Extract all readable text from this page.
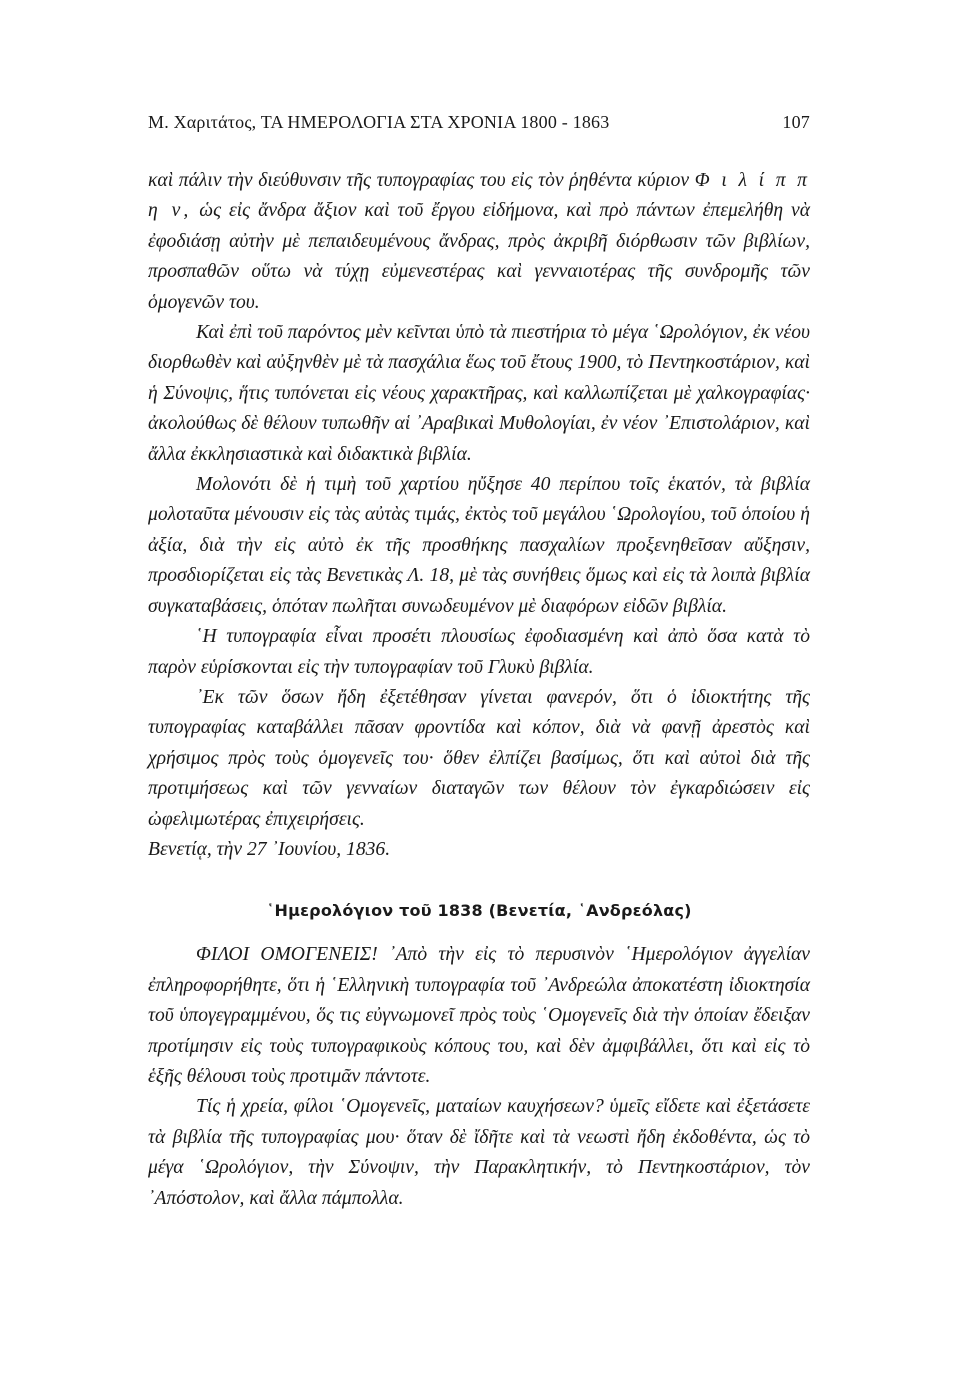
Μ. Χαριτάτος, ΤΑ ΗΜΕΡΟΛΟΓΙΑ ΣΤΑ ΧΡΟΝΙΑ 1800 - 1863	107

καὶ πάλιν τὴν διεύθυνσιν τῆς τυπογραφίας του εἰς τὸν ῥηθέντα κύριον Φ ι λ ί π π η ν, ὡς εἰς ἄνδρα ἄξιον καὶ τοῦ ἔργου εἰδήμονα, καὶ πρὸ πάντων ἐπεμελήθη νὰ ἐφοδιάσῃ αὐτὴν μὲ πεπαιδευμένους ἄνδρας, πρὸς ἀκριβῆ διόρθωσιν τῶν βιβλίων, προσπαθῶν οὕτω νὰ τύχῃ εὐμενεστέρας καὶ γενναιοτέρας τῆς συνδρομῆς τῶν ὁμογενῶν του.

Καὶ ἐπὶ τοῦ παρόντος μὲν κεῖνται ὑπὸ τὰ πιεστήρια τὸ μέγα ῾Ωρολόγιον, ἐκ νέου διορθωθὲν καὶ αὐξηνθὲν μὲ τὰ πασχάλια ἕως τοῦ ἔτους 1900, τὸ Πεντηκοστάριον, καὶ ἡ Σύνοψις, ἥτις τυπόνεται εἰς νέους χαρακτῆρας, καὶ καλλωπίζεται μὲ χαλκογραφίας· ἀκολούθως δὲ θέλουν τυπωθῆν αἱ ᾿Αραβικαὶ Μυθολογίαι, ἐν νέον ᾿Επιστολάριον, καὶ ἄλλα ἐκκλησιαστικὰ καὶ διδακτικὰ βιβλία.

Μολονότι δὲ ἡ τιμὴ τοῦ χαρτίου ηὔξησε 40 περίπου τοῖς ἑκατόν, τὰ βιβλία μολοταῦτα μένουσιν εἰς τὰς αὐτὰς τιμάς, ἐκτὸς τοῦ μεγάλου ῾Ωρολογίου, τοῦ ὁποίου ἡ ἀξία, διὰ τὴν εἰς αὐτὸ ἐκ τῆς προσθήκης πασχαλίων προξενηθεῖσαν αὔξησιν, προσδιορίζεται εἰς τὰς Βενετικὰς Λ. 18, μὲ τὰς συνήθεις ὅμως καὶ εἰς τὰ λοιπὰ βιβλία συγκαταβάσεις, ὁπόταν πωλῆται συνωδευμένον μὲ διαφόρων εἰδῶν βιβλία.

῾Η τυπογραφία εἶναι προσέτι πλουσίως ἐφοδιασμένη καὶ ἀπὸ ὅσα κατὰ τὸ παρὸν εὑρίσκονται εἰς τὴν τυπογραφίαν τοῦ Γλυκὺ βιβλία.

᾿Εκ τῶν ὅσων ἤδη ἐξετέθησαν γίνεται φανερόν, ὅτι ὁ ἰδιοκτήτης τῆς τυπογραφίας καταβάλλει πᾶσαν φροντίδα καὶ κόπον, διὰ νὰ φανῇ ἀρεστὸς καὶ χρήσιμος πρὸς τοὺς ὁμογενεῖς του· ὅθεν ἐλπίζει βασίμως, ὅτι καὶ αὐτοὶ διὰ τῆς προτιμήσεως καὶ τῶν γενναίων διαταγῶν των θέλουν τὸν ἐγκαρδιώσειν εἰς ὠφελιμωτέρας ἐπιχειρήσεις.

Βενετίᾳ, τὴν 27 ᾿Ιουνίου, 1836.

῾Ημερολόγιον τοῦ 1838 (Βενετία, ῾Ανδρεόλας)

ΦΙΛΟΙ ΟΜΟΓΕΝΕΙΣ! ᾿Απὸ τὴν εἰς τὸ περυσινὸν ῾Ημερολόγιον ἀγγελίαν ἐπληροφορήθητε, ὅτι ἡ ῾Ελληνικὴ τυπογραφία τοῦ ᾿Ανδρεώλα ἀποκατέστη ἰδιοκτησία τοῦ ὑπογεγραμμένου, ὅς τις εὐγνωμονεῖ πρὸς τοὺς ῾Ομογενεῖς διὰ τὴν ὁποίαν ἔδειξαν προτίμησιν εἰς τοὺς τυπογραφικοὺς κόπους του, καὶ δὲν ἀμφιβάλλει, ὅτι καὶ εἰς τὸ ἑξῆς θέλουσι τοὺς προτιμᾶν πάντοτε.

Τίς ἡ χρεία, φίλοι ῾Ομογενεῖς, ματαίων καυχήσεων? ὑμεῖς εἴδετε καὶ ἐξετάσετε τὰ βιβλία τῆς τυπογραφίας μου· ὅταν δὲ ἴδῆτε καὶ τὰ νεωστὶ ἤδη ἐκδοθέντα, ὡς τὸ μέγα ῾Ωρολόγιον, τὴν Σύνοψιν, τὴν Παρακλητικήν, τὸ Πεντηκοστάριον, τὸν ᾿Απόστολον, καὶ ἄλλα πάμπολλα.
